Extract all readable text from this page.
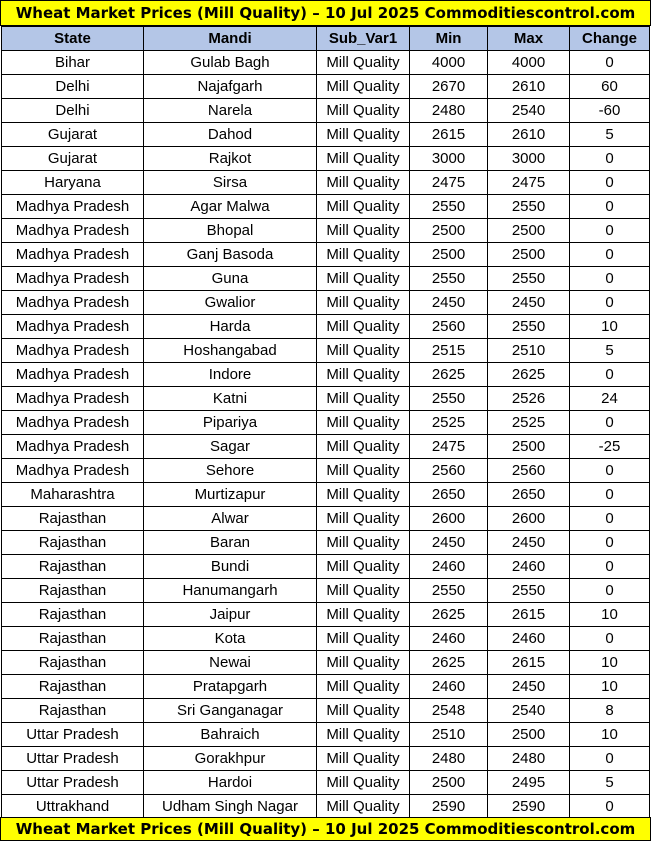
Wheat Market Prices (Mill Quality) – 10 Jul 2025 Commoditiescontrol.com
State	Mandi	Sub_Var1	Min	Max	Change
Bihar	Gulab Bagh	Mill Quality	4000	4000	0
Delhi	Najafgarh	Mill Quality	2670	2610	60
Delhi	Narela	Mill Quality	2480	2540	-60
Gujarat	Dahod	Mill Quality	2615	2610	5
Gujarat	Rajkot	Mill Quality	3000	3000	0
Haryana	Sirsa	Mill Quality	2475	2475	0
Madhya Pradesh	Agar Malwa	Mill Quality	2550	2550	0
Madhya Pradesh	Bhopal	Mill Quality	2500	2500	0
Madhya Pradesh	Ganj Basoda	Mill Quality	2500	2500	0
Madhya Pradesh	Guna	Mill Quality	2550	2550	0
Madhya Pradesh	Gwalior	Mill Quality	2450	2450	0
Madhya Pradesh	Harda	Mill Quality	2560	2550	10
Madhya Pradesh	Hoshangabad	Mill Quality	2515	2510	5
Madhya Pradesh	Indore	Mill Quality	2625	2625	0
Madhya Pradesh	Katni	Mill Quality	2550	2526	24
Madhya Pradesh	Pipariya	Mill Quality	2525	2525	0
Madhya Pradesh	Sagar	Mill Quality	2475	2500	-25
Madhya Pradesh	Sehore	Mill Quality	2560	2560	0
Maharashtra	Murtizapur	Mill Quality	2650	2650	0
Rajasthan	Alwar	Mill Quality	2600	2600	0
Rajasthan	Baran	Mill Quality	2450	2450	0
Rajasthan	Bundi	Mill Quality	2460	2460	0
Rajasthan	Hanumangarh	Mill Quality	2550	2550	0
Rajasthan	Jaipur	Mill Quality	2625	2615	10
Rajasthan	Kota	Mill Quality	2460	2460	0
Rajasthan	Newai	Mill Quality	2625	2615	10
Rajasthan	Pratapgarh	Mill Quality	2460	2450	10
Rajasthan	Sri Ganganagar	Mill Quality	2548	2540	8
Uttar Pradesh	Bahraich	Mill Quality	2510	2500	10
Uttar Pradesh	Gorakhpur	Mill Quality	2480	2480	0
Uttar Pradesh	Hardoi	Mill Quality	2500	2495	5
Uttrakhand	Udham Singh Nagar	Mill Quality	2590	2590	0
Wheat Market Prices (Mill Quality) – 10 Jul 2025 Commoditiescontrol.com
